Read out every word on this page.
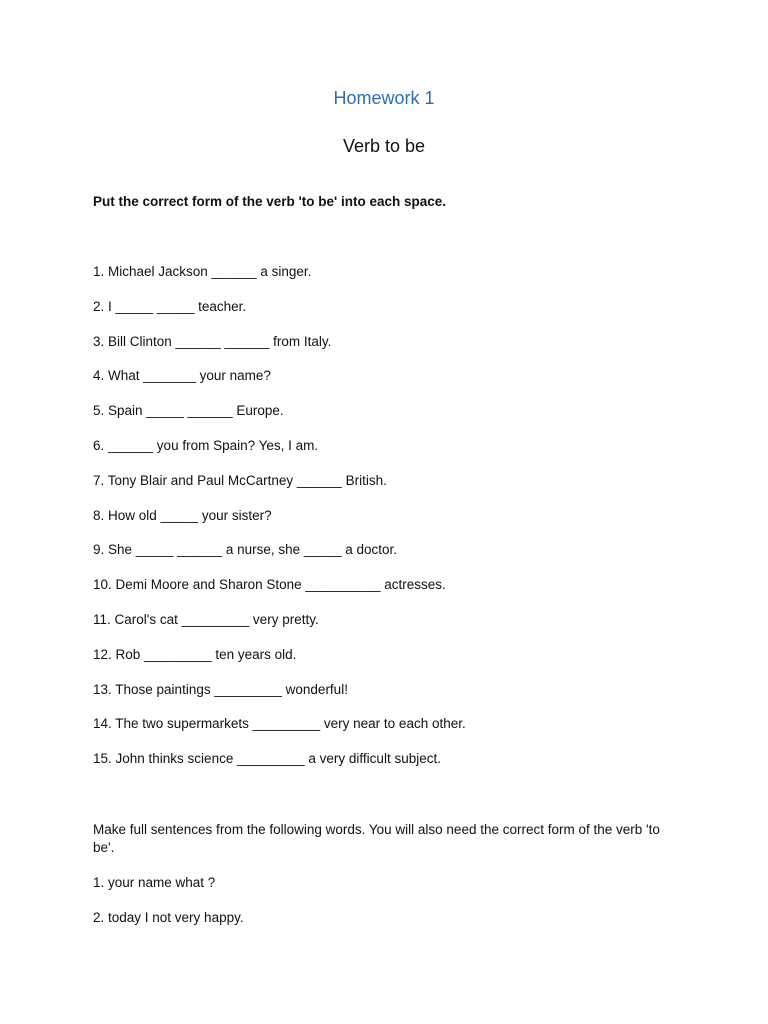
Homework 1
Verb to be
Put the correct form of the verb 'to be' into each space.
1. Michael Jackson ______ a singer.
2. I _____ _____ teacher.
3. Bill Clinton ______ ______ from Italy.
4. What _______ your name?
5. Spain _____ ______ Europe.
6. ______ you from Spain? Yes, I am.
7. Tony Blair and Paul McCartney ______ British.
8. How old _____ your sister?
9. She _____ ______ a nurse, she _____ a doctor.
10. Demi Moore and Sharon Stone __________ actresses.
11. Carol's cat _________ very pretty.
12. Rob _________ ten years old.
13. Those paintings _________ wonderful!
14. The two supermarkets _________ very near to each other.
15. John thinks science _________ a very difficult subject.
Make full sentences from the following words. You will also need the correct form of the verb 'to be'.
1. your name what ?
2. today I not very happy.
